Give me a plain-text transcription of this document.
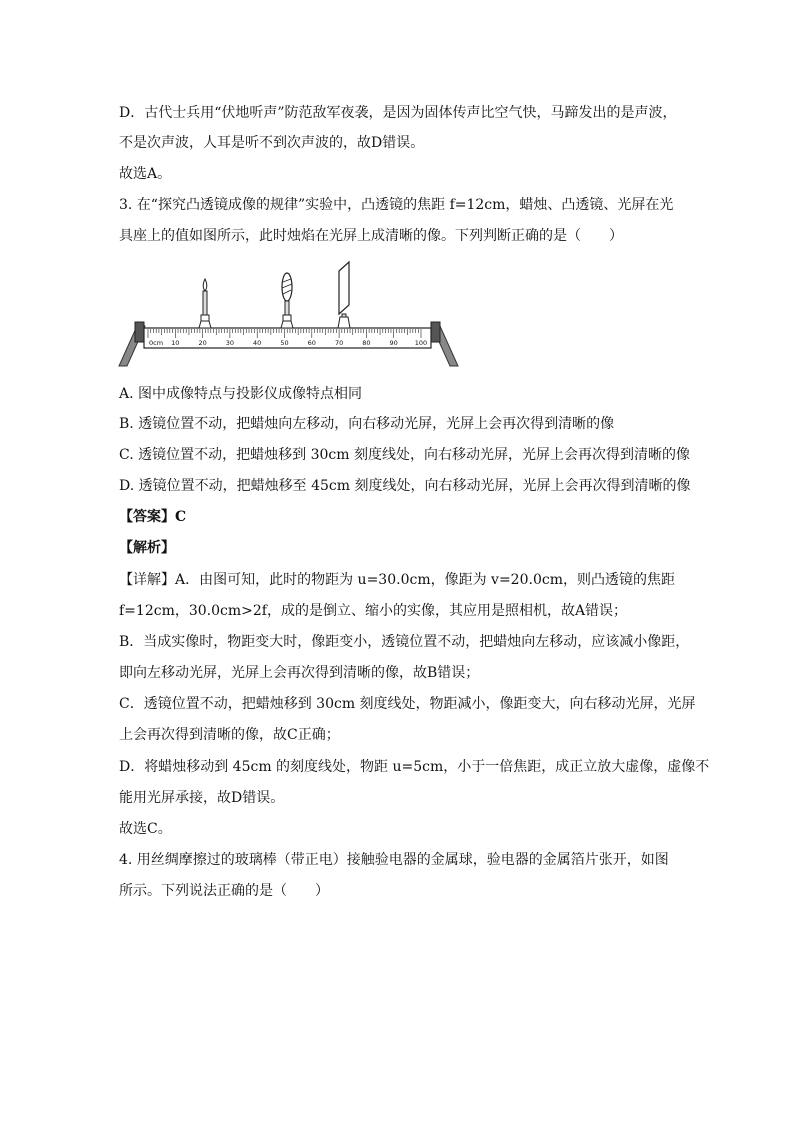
D．古代士兵用“伏地听声”防范敌军夜袭，是因为固体传声比空气快，马蹄发出的是声波，
不是次声波，人耳是听不到次声波的，故D错误。
故选A。
3. 在“探究凸透镜成像的规律”实验中，凸透镜的焦距 f=12cm，蜡烛、凸透镜、光屏在光
具座上的值如图所示，此时烛焰在光屏上成清晰的像。下列判断正确的是（　　）
0cm 10	20	30	40	50	60	70	80	90	100
A. 图中成像特点与投影仪成像特点相同
B. 透镜位置不动，把蜡烛向左移动，向右移动光屏，光屏上会再次得到清晰的像
C. 透镜位置不动，把蜡烛移到 30cm 刻度线处，向右移动光屏，光屏上会再次得到清晰的像
D. 透镜位置不动，把蜡烛移至 45cm 刻度线处，向右移动光屏，光屏上会再次得到清晰的像
【答案】C
【解析】
【详解】A．由图可知，此时的物距为 u=30.0cm，像距为 v=20.0cm，则凸透镜的焦距
f=12cm，30.0cm>2f，成的是倒立、缩小的实像，其应用是照相机，故A错误；
B．当成实像时，物距变大时，像距变小，透镜位置不动，把蜡烛向左移动，应该减小像距，
即向左移动光屏，光屏上会再次得到清晰的像，故B错误；
C．透镜位置不动，把蜡烛移到 30cm 刻度线处，物距减小，像距变大，向右移动光屏，光屏
上会再次得到清晰的像，故C正确；
D．将蜡烛移动到 45cm 的刻度线处，物距 u=5cm，小于一倍焦距，成正立放大虚像，虚像不
能用光屏承接，故D错误。
故选C。
4. 用丝绸摩擦过的玻璃棒（带正电）接触验电器的金属球，验电器的金属箔片张开，如图
所示。下列说法正确的是（　　）
